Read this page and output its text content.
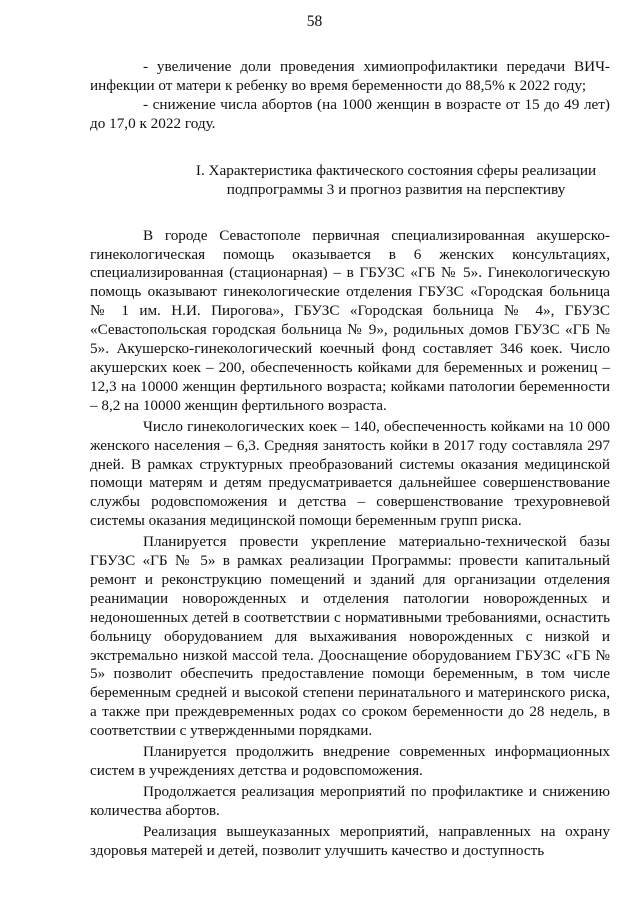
58

- увеличение доли проведения химиопрофилактики передачи ВИЧ-инфекции от матери к ребенку во время беременности до 88,5% к 2022 году;

- снижение числа абортов (на 1000 женщин в возрасте от 15 до 49 лет) до 17,0 к 2022 году.

I. Характеристика фактического состояния сферы реализации
подпрограммы 3 и прогноз развития на перспективу

В городе Севастополе первичная специализированная акушерско-гинекологическая помощь оказывается в 6 женских консультациях, специализированная (стационарная) – в ГБУЗС «ГБ № 5». Гинекологическую помощь оказывают гинекологические отделения ГБУЗС «Городская больница № 1 им. Н.И. Пирогова», ГБУЗС «Городская больница № 4», ГБУЗС «Севастопольская городская больница № 9», родильных домов ГБУЗС «ГБ № 5». Акушерско-гинекологический коечный фонд составляет 346 коек. Число акушерских коек – 200, обеспеченность койками для беременных и рожениц – 12,3 на 10000 женщин фертильного возраста; койками патологии беременности – 8,2 на 10000 женщин фертильного возраста.

Число гинекологических коек – 140, обеспеченность койками на 10 000 женского населения – 6,3. Средняя занятость койки в 2017 году составляла 297 дней. В рамках структурных преобразований системы оказания медицинской помощи матерям и детям предусматривается дальнейшее совершенствование службы родовспоможения и детства – совершенствование трехуровневой системы оказания медицинской помощи беременным групп риска.

Планируется провести укрепление материально-технической базы ГБУЗС «ГБ № 5» в рамках реализации Программы: провести капитальный ремонт и реконструкцию помещений и зданий для организации отделения реанимации новорожденных и отделения патологии новорожденных и недоношенных детей в соответствии с нормативными требованиями, оснастить больницу оборудованием для выхаживания новорожденных с низкой и экстремально низкой массой тела. Дооснащение оборудованием ГБУЗС «ГБ № 5» позволит обеспечить предоставление помощи беременным, в том числе беременным средней и высокой степени перинатального и материнского риска, а также при преждевременных родах со сроком беременности до 28 недель, в соответствии с утвержденными порядками.

Планируется продолжить внедрение современных информационных систем в учреждениях детства и родовспоможения.

Продолжается реализация мероприятий по профилактике и снижению количества абортов.

Реализация вышеуказанных мероприятий, направленных на охрану здоровья матерей и детей, позволит улучшить качество и доступность
